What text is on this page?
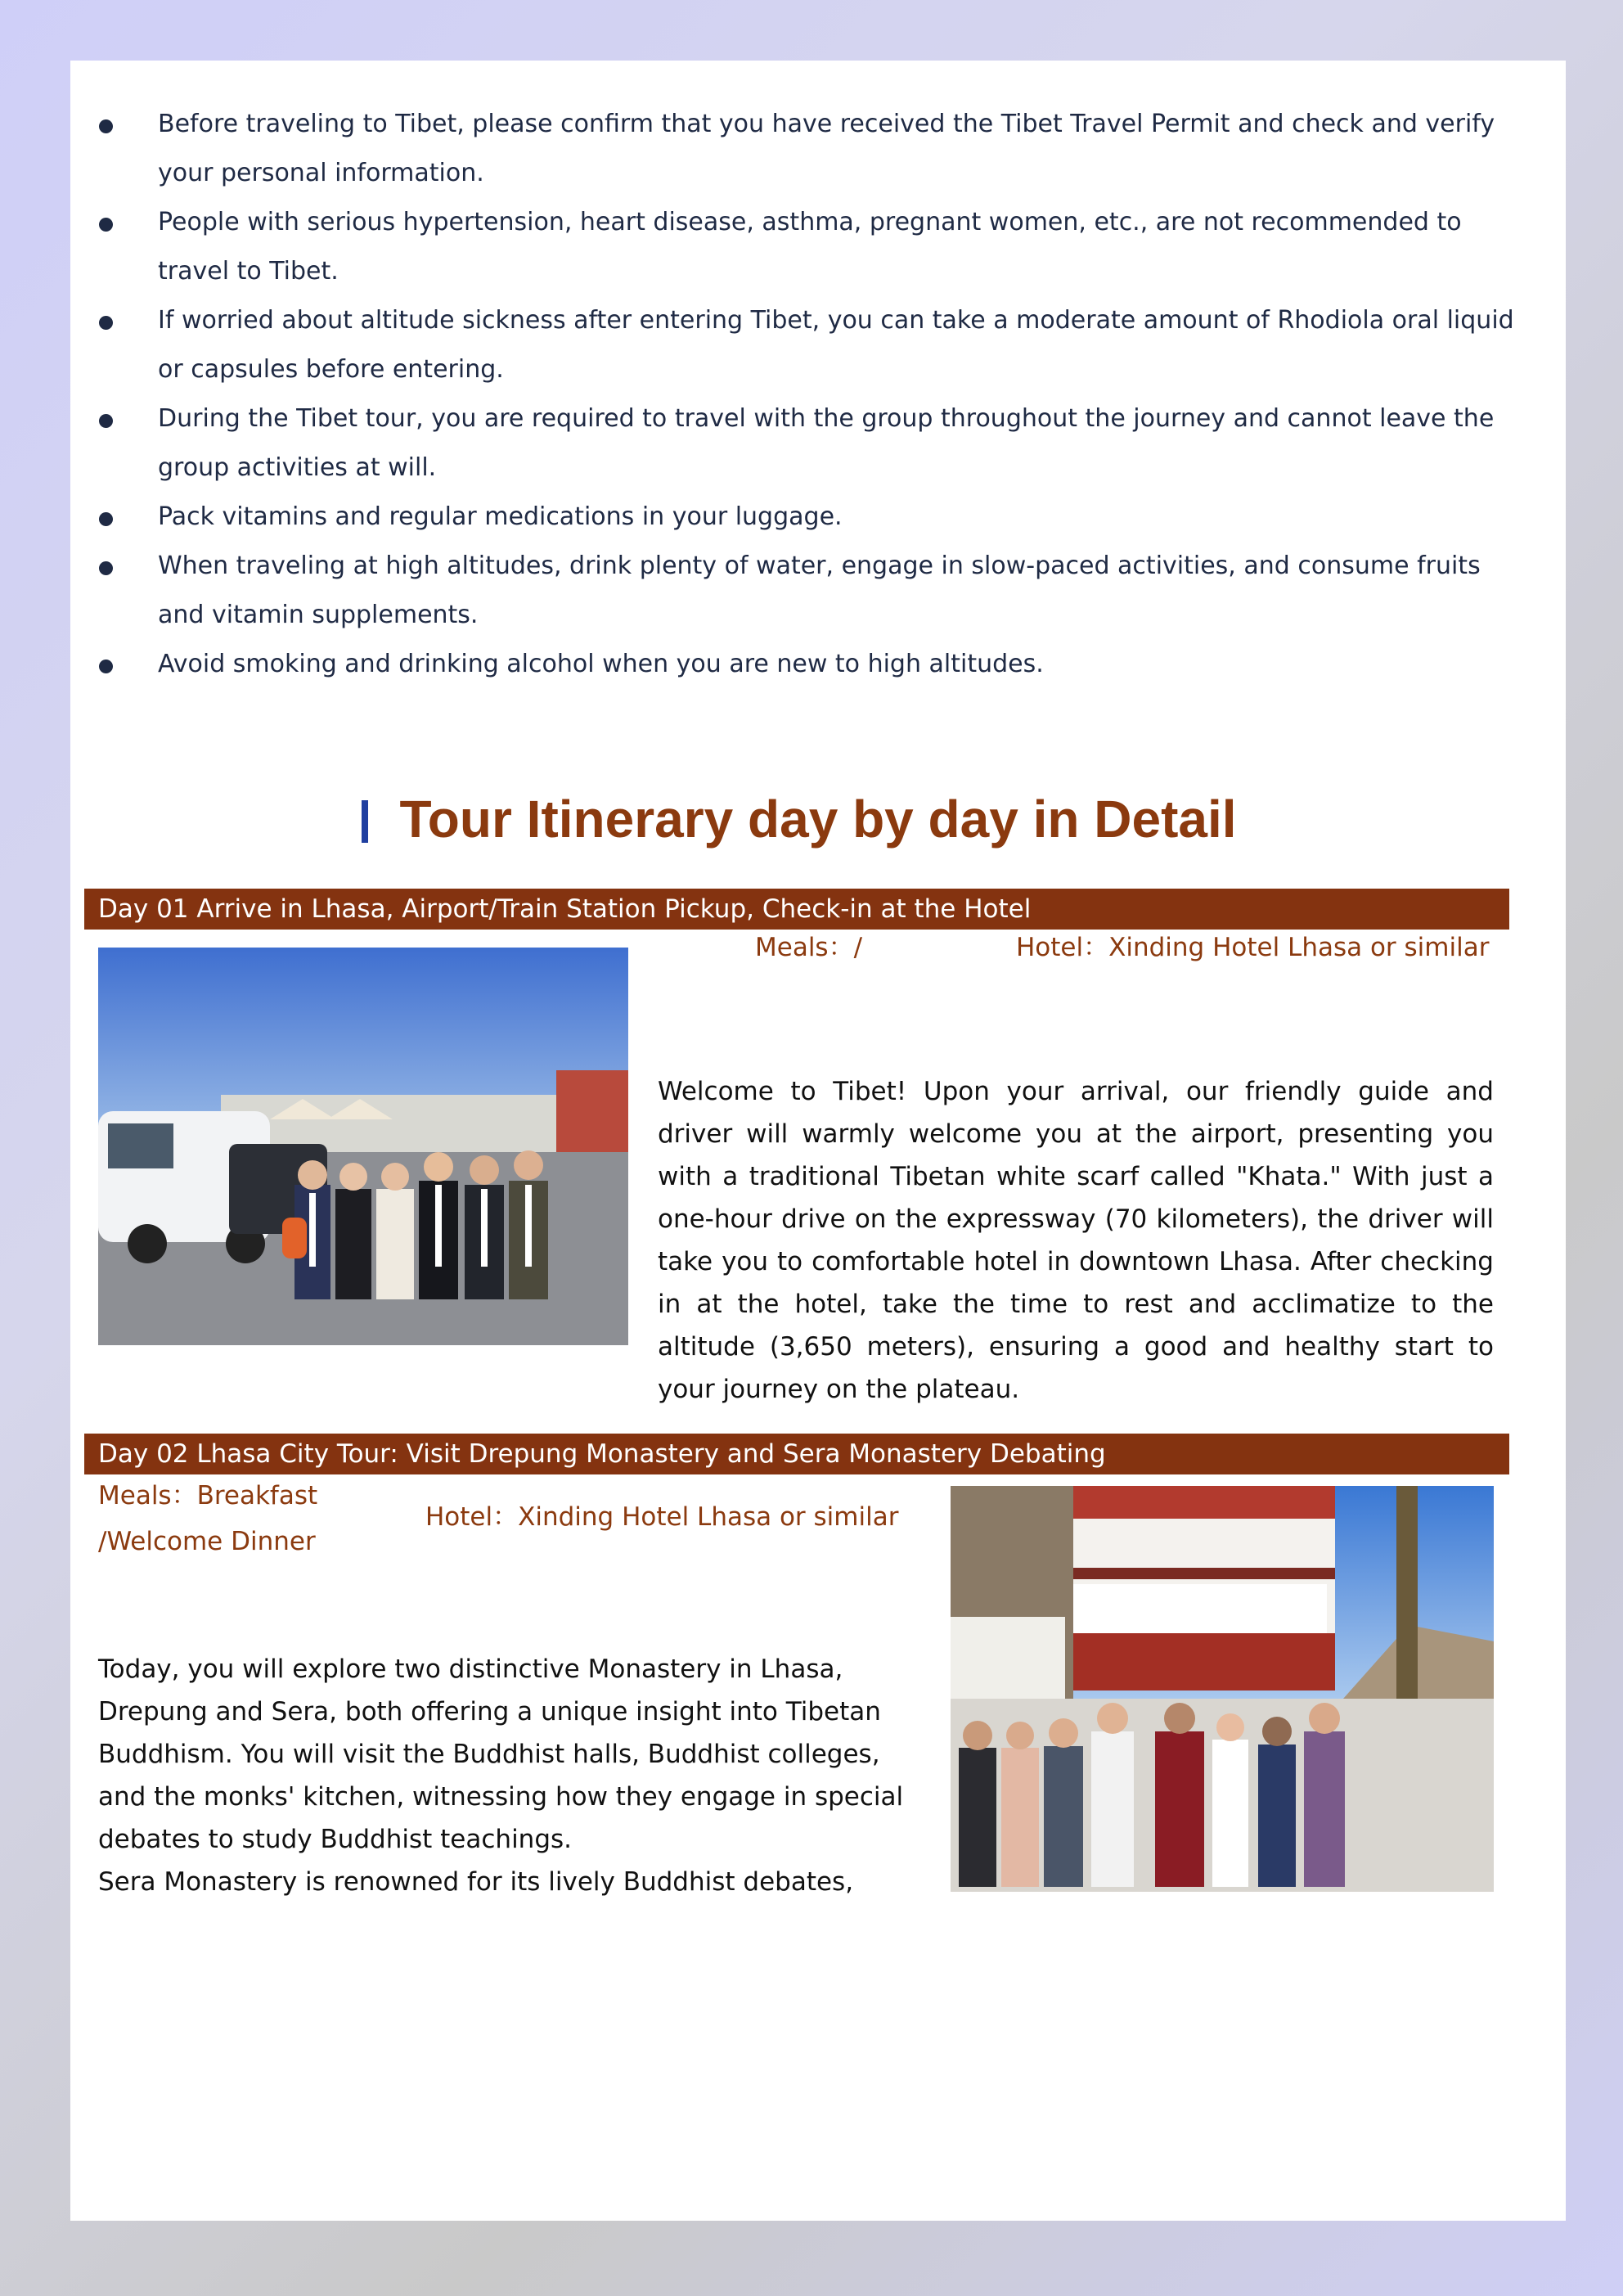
Before traveling to Tibet, please confirm that you have received the Tibet Travel Permit and check and verify your personal information.
People with serious hypertension, heart disease, asthma, pregnant women, etc., are not recommended to travel to Tibet.
If worried about altitude sickness after entering Tibet, you can take a moderate amount of Rhodiola oral liquid or capsules before entering.
During the Tibet tour, you are required to travel with the group throughout the journey and cannot leave the group activities at will.
Pack vitamins and regular medications in your luggage.
When traveling at high altitudes, drink plenty of water, engage in slow-paced activities, and consume fruits and vitamin supplements.
Avoid smoking and drinking alcohol when you are new to high altitudes.
Tour Itinerary day by day in Detail
Day 01 Arrive in Lhasa, Airport/Train Station Pickup, Check-in at the Hotel
Meals：/	Hotel：Xinding Hotel Lhasa or similar

Welcome to Tibet! Upon your arrival, our friendly guide and driver will warmly welcome you at the airport, presenting you with a traditional Tibetan white scarf called "Khata." With just a one-hour drive on the expressway (70 kilometers), the driver will take you to comfortable hotel in downtown Lhasa. After checking in at the hotel, take the time to rest and acclimatize to the altitude (3,650 meters), ensuring a good and healthy start to your journey on the plateau.

Day 02 Lhasa City Tour: Visit Drepung Monastery and Sera Monastery Debating
Meals：Breakfast
/Welcome Dinner
Hotel：Xinding Hotel Lhasa or similar

Today, you will explore two distinctive Monastery in Lhasa, Drepung and Sera, both offering a unique insight into Tibetan Buddhism. You will visit the Buddhist halls, Buddhist colleges, and the monks' kitchen, witnessing how they engage in special debates to study Buddhist teachings.

Sera Monastery is renowned for its lively Buddhist debates,
